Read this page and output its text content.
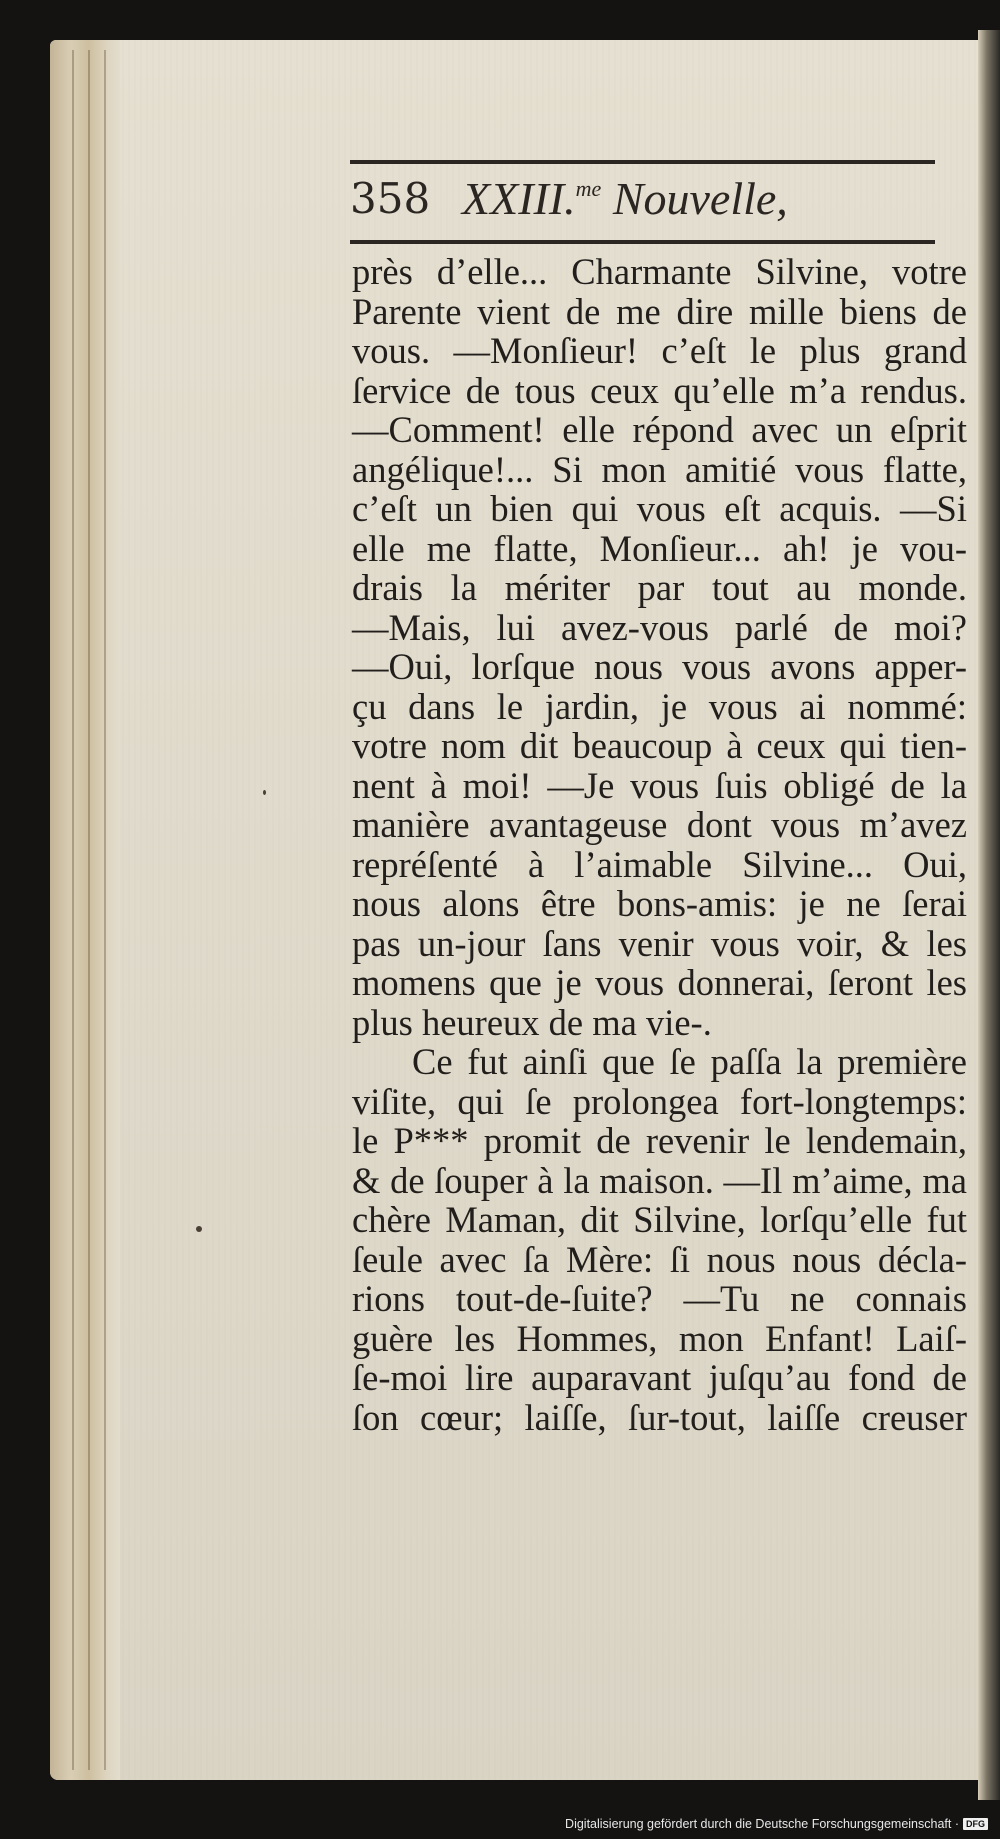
358 XXIII.$^{me}$ Nouvelle,
près d’elle... Charmante Silvine, votre
Parente vient de me dire mille biens de
vous. —Monſieur! c’eſt le plus grand
ſervice de tous ceux qu’elle m’a rendus.
—Comment! elle répond avec un eſprit
angélique!... Si mon amitié vous flatte,
c’eſt un bien qui vous eſt acquis. —Si
elle me flatte, Monſieur... ah! je vou-
drais la mériter par tout au monde.
—Mais, lui avez-vous parlé de moi?
—Oui, lorſque nous vous avons apper-
çu dans le jardin, je vous ai nommé:
votre nom dit beaucoup à ceux qui tien-
nent à moi! —Je vous ſuis obligé de la
manière avantageuse dont vous m’avez
repréſenté à l’aimable Silvine... Oui,
nous alons être bons-amis: je ne ſerai
pas un-jour ſans venir vous voir, & les
momens que je vous donnerai, ſeront les
plus heureux de ma vie-.
Ce fut ainſi que ſe paſſa la première
viſite, qui ſe prolongea fort-longtemps:
le P*** promit de revenir le lendemain,
& de ſouper à la maison. —Il m’aime, ma
chère Maman, dit Silvine, lorſqu’elle fut
ſeule avec ſa Mère: ſi nous nous décla-
rions tout-de-ſuite? —Tu ne connais
guère les Hommes, mon Enfant! Laiſ-
ſe-moi lire auparavant juſqu’au fond de
ſon cœur; laiſſe, ſur-tout, laiſſe creuser
Digitalisierung gefördert durch die Deutsche Forschungsgemeinschaft · DFG
